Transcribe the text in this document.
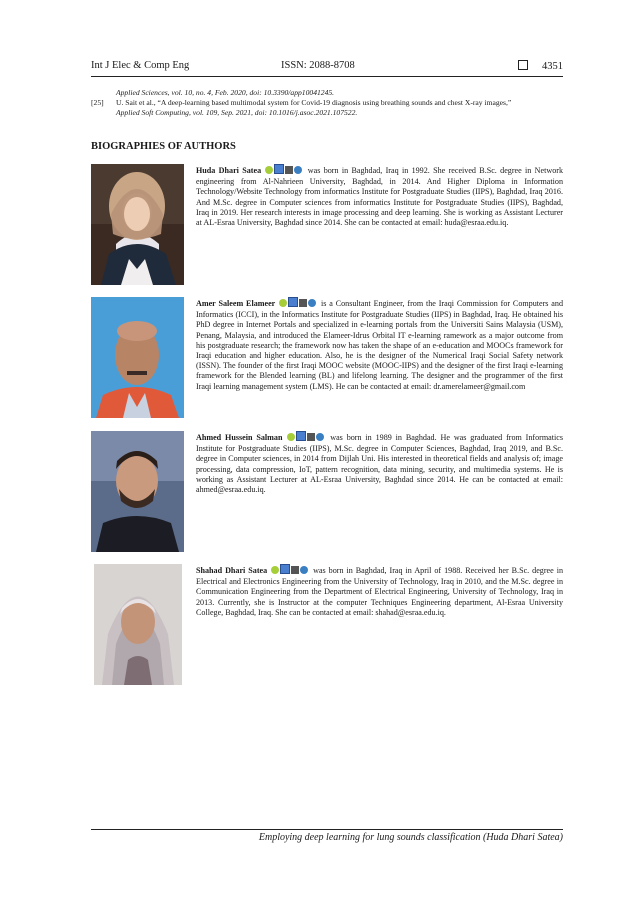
Int J Elec & Comp Eng	ISSN: 2088-8708	4351
Applied Sciences, vol. 10, no. 4, Feb. 2020, doi: 10.3390/app10041245.
[25] U. Sait et al., “A deep-learning based multimodal system for Covid-19 diagnosis using breathing sounds and chest X-ray images,”
Applied Soft Computing, vol. 109, Sep. 2021, doi: 10.1016/j.asoc.2021.107522.
BIOGRAPHIES OF AUTHORS
Huda Dhari Satea	was born in Baghdad, Iraq in 1992. She received B.Sc. degree in Network engineering from Al-Nahrieen University, Baghdad, in 2014. And Higher Diploma in Information Technology/Website Technology from informatics Institute for Postgraduate Studies (IIPS), Baghdad, Iraq 2016. And M.Sc. degree in Computer sciences from informatics Institute for Postgraduate Studies (IIPS), Baghdad, Iraq in 2019. Her research interests in image processing and deep learning. She is working as Assistant Lecturer at AL-Esraa University, Baghdad since 2014. She can be contacted at email: huda@esraa.edu.iq.
Amer Saleem Elameer	is a Consultant Engineer, from the Iraqi Commission for Computers and Informatics (ICCI), in the Informatics Institute for Postgraduate Studies (IIPS) in Baghdad, Iraq. He obtained his PhD degree in Internet Portals and specialized in e-learning portals from the Universiti Sains Malaysia (USM), Penang, Malaysia, and introduced the Elameer-Idrus Orbital IT e-learning ramework as a major outcome from his postgraduate research; the framework now has taken the shape of an e-education and MOOCs framework for Iraqi education and higher education. Also, he is the designer of the Numerical Iraqi Social Safety network (ISSN). The founder of the first Iraqi MOOC website (MOOC-IIPS) and the designer of the first Iraqi e-learning framework for the Blended learning (BL) and lifelong learning. The designer and the programmer of the first Iraqi learning management system (LMS). He can be contacted at email: dr.amerelameer@gmail.com
Ahmed Hussein Salman	was born in 1989 in Baghdad. He was graduated from Informatics Institute for Postgraduate Studies (IIPS), M.Sc. degree in Computer Sciences, Baghdad, Iraq 2019, and B.Sc. degree in Computer sciences, in 2014 from Dijlah Uni. His interested in theoretical fields and analysis of; image processing, data compression, IoT, pattern recognition, data mining, security, and multimedia systems. He is working as Assistant Lecturer at AL-Esraa University, Baghdad since 2014. He can be contacted at email: ahmed@esraa.edu.iq.
Shahad Dhari Satea	was born in Baghdad, Iraq in April of 1988. Received her B.Sc. degree in Electrical and Electronics Engineering from the University of Technology, Iraq in 2010, and the M.Sc. degree in Communication Engineering from the Department of Electrical Engineering, University of Technology, Iraq in 2013. Currently, she is Instructor at the computer Techniques Engineering department, Al-Esraa University College, Baghdad, Iraq. She can be contacted at email: shahad@esraa.edu.iq.
Employing deep learning for lung sounds classification (Huda Dhari Satea)
